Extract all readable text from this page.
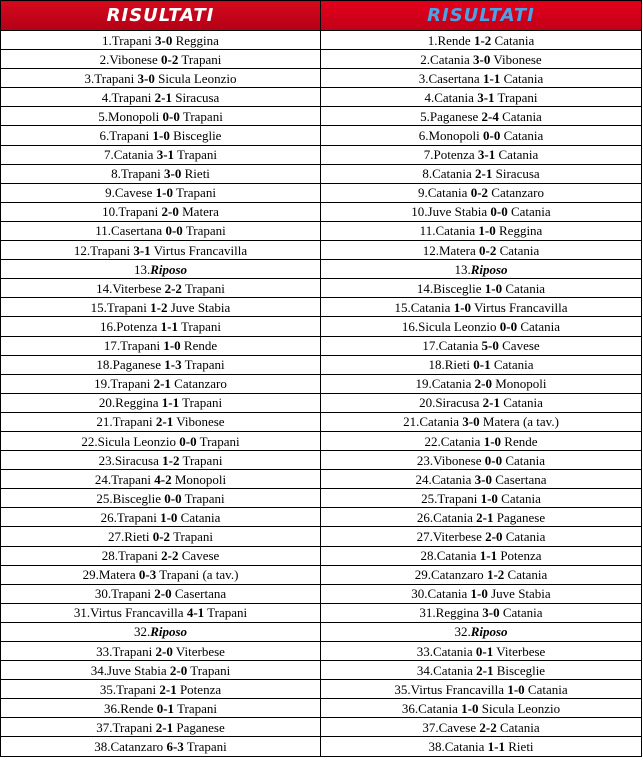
RISULTATI	RISULTATI
1.Trapani 3-0 Reggina	1.Rende 1-2 Catania
2.Vibonese 0-2 Trapani	2.Catania 3-0 Vibonese
3.Trapani 3-0 Sicula Leonzio	3.Casertana 1-1 Catania
4.Trapani 2-1 Siracusa	4.Catania 3-1 Trapani
5.Monopoli 0-0 Trapani	5.Paganese 2-4 Catania
6.Trapani 1-0 Bisceglie	6.Monopoli 0-0 Catania
7.Catania 3-1 Trapani	7.Potenza 3-1 Catania
8.Trapani 3-0 Rieti	8.Catania 2-1 Siracusa
9.Cavese 1-0 Trapani	9.Catania 0-2 Catanzaro
10.Trapani 2-0 Matera	10.Juve Stabia 0-0 Catania
11.Casertana 0-0 Trapani	11.Catania 1-0 Reggina
12.Trapani 3-1 Virtus Francavilla	12.Matera 0-2 Catania
13.Riposo	13.Riposo
14.Viterbese 2-2 Trapani	14.Bisceglie 1-0 Catania
15.Trapani 1-2 Juve Stabia	15.Catania 1-0 Virtus Francavilla
16.Potenza 1-1 Trapani	16.Sicula Leonzio 0-0 Catania
17.Trapani 1-0 Rende	17.Catania 5-0 Cavese
18.Paganese 1-3 Trapani	18.Rieti 0-1 Catania
19.Trapani 2-1 Catanzaro	19.Catania 2-0 Monopoli
20.Reggina 1-1 Trapani	20.Siracusa 2-1 Catania
21.Trapani 2-1 Vibonese	21.Catania 3-0 Matera (a tav.)
22.Sicula Leonzio 0-0 Trapani	22.Catania 1-0 Rende
23.Siracusa 1-2 Trapani	23.Vibonese 0-0 Catania
24.Trapani 4-2 Monopoli	24.Catania 3-0 Casertana
25.Bisceglie 0-0 Trapani	25.Trapani 1-0 Catania
26.Trapani 1-0 Catania	26.Catania 2-1 Paganese
27.Rieti 0-2 Trapani	27.Viterbese 2-0 Catania
28.Trapani 2-2 Cavese	28.Catania 1-1 Potenza
29.Matera 0-3 Trapani (a tav.)	29.Catanzaro 1-2 Catania
30.Trapani 2-0 Casertana	30.Catania 1-0 Juve Stabia
31.Virtus Francavilla 4-1 Trapani	31.Reggina 3-0 Catania
32.Riposo	32.Riposo
33.Trapani 2-0 Viterbese	33.Catania 0-1 Viterbese
34.Juve Stabia 2-0 Trapani	34.Catania 2-1 Bisceglie
35.Trapani 2-1 Potenza	35.Virtus Francavilla 1-0 Catania
36.Rende 0-1 Trapani	36.Catania 1-0 Sicula Leonzio
37.Trapani 2-1 Paganese	37.Cavese 2-2 Catania
38.Catanzaro 6-3 Trapani	38.Catania 1-1 Rieti
